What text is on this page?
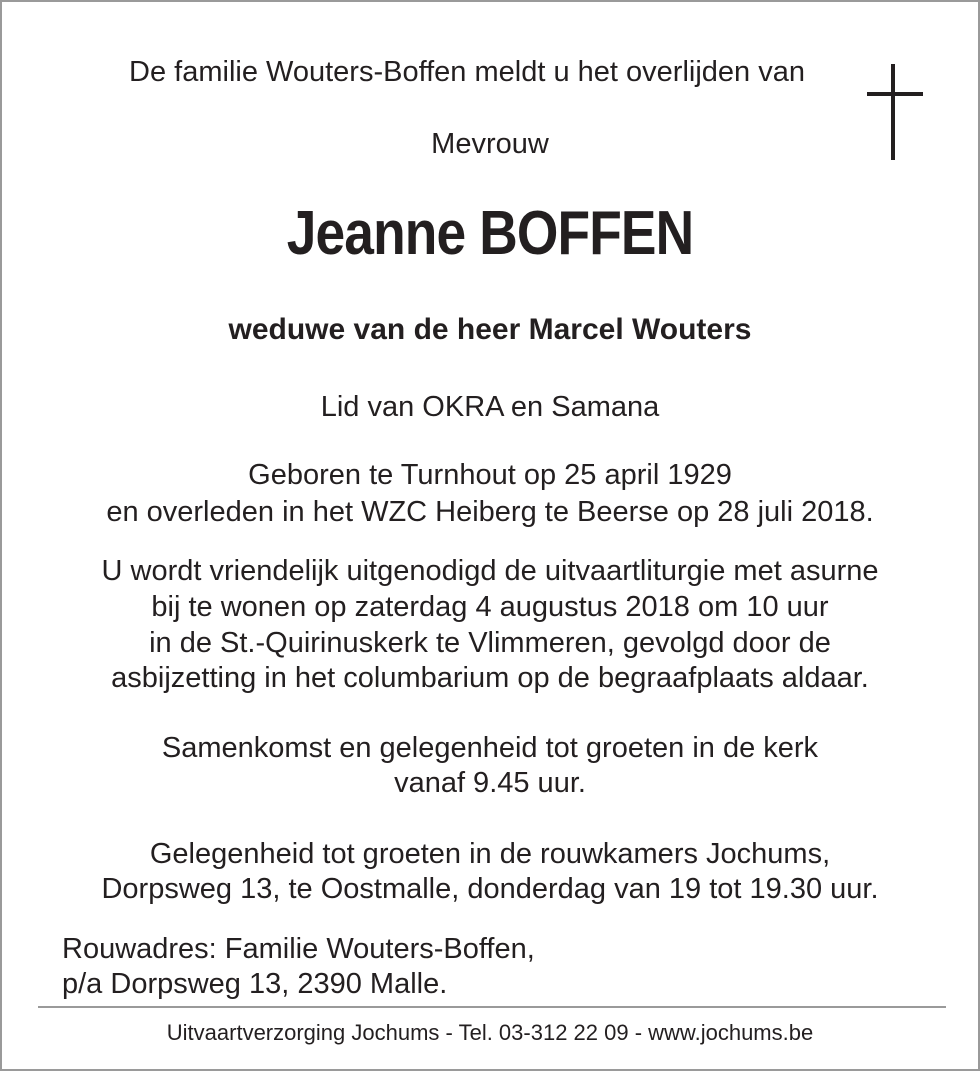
De familie Wouters-Boffen meldt u het overlijden van
Mevrouw
Jeanne BOFFEN
weduwe van de heer Marcel Wouters
Lid van OKRA en Samana
Geboren te Turnhout op 25 april 1929
en overleden in het WZC Heiberg te Beerse op 28 juli 2018.
U wordt vriendelijk uitgenodigd de uitvaartliturgie met asurne
bij te wonen op zaterdag 4 augustus 2018 om 10 uur
in de St.-Quirinuskerk te Vlimmeren, gevolgd door de
asbijzetting in het columbarium op de begraafplaats aldaar.
Samenkomst en gelegenheid tot groeten in de kerk
vanaf 9.45 uur.
Gelegenheid tot groeten in de rouwkamers Jochums,
Dorpsweg 13, te Oostmalle, donderdag van 19 tot 19.30 uur.
Rouwadres: Familie Wouters-Boffen,
p/a Dorpsweg 13, 2390 Malle.
Uitvaartverzorging Jochums - Tel. 03-312 22 09 - www.jochums.be
